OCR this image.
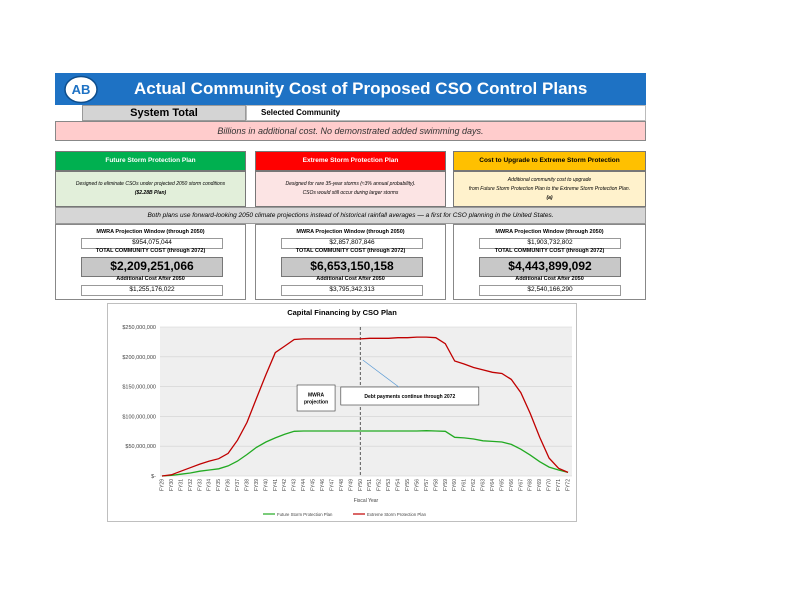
AB	Actual Community Cost of Proposed CSO Control Plans
System Total	Selected Community
Billions in additional cost. No demonstrated added swimming days.
Future Storm Protection Plan	Extreme Storm Protection Plan	Cost to Upgrade to Extreme Storm Protection
Designed to eliminate CSOs under projected 2050 storm conditions
($2.28B Plan)
Designed for rare 35-year storms (≈3% annual probability).
CSOs would still occur during larger storms
Additional community cost to upgrade
from Future Storm Protection Plan to the Extreme Storm Protection Plan.
(a)
Both plans use forward-looking 2050 climate projections instead of historical rainfall averages — a first for CSO planning in the United States.
MWRA Projection Window (through 2050)
$954,075,044
TOTAL COMMUNITY COST (through 2072)
$2,209,251,066
Additional Cost After 2050
$1,255,176,022
MWRA Projection Window (through 2050)
$2,857,807,846
TOTAL COMMUNITY COST (through 2072)
$6,653,150,158
Additional Cost After 2050
$3,795,342,313
MWRA Projection Window (through 2050)
$1,903,732,802
TOTAL COMMUNITY COST (through 2072)
$4,443,899,092
Additional Cost After 2050
$2,540,166,290
Capital Financing by CSO Plan
$250,000,000
$200,000,000
$150,000,000
$100,000,000
$50,000,000
$-
FY29 FY30 FY31 FY32 FY33 FY34 FY35 FY36 FY37 FY38 FY39 FY40 FY41 FY42 FY43 FY44 FY45 FY46 FY47 FY48 FY49 FY50 FY51 FY52 FY53 FY54 FY55 FY56 FY57 FY58 FY59 FY60 FY61 FY62 FY63 FY64 FY65 FY66 FY67 FY68 FY69 FY70 FY71 FY72
MWRA
projection
Debt payments continue through 2072
Fiscal Year
Future Storm Protection Plan	Extreme Storm Protection Plan
